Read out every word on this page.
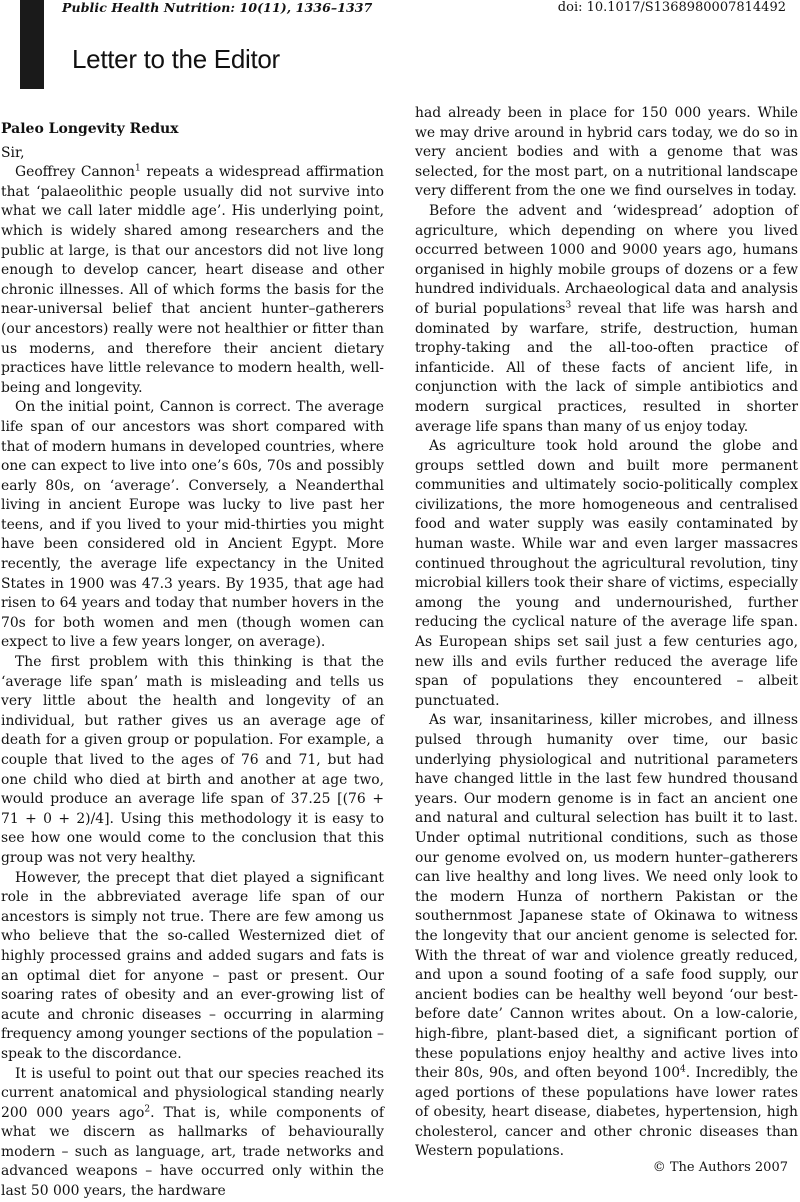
Public Health Nutrition: 10(11), 1336–1337	doi: 10.1017/S1368980007814492
Letter to the Editor

Paleo Longevity Redux

Sir,

Geoffrey Cannon$^1$ repeats a widespread affirmation that ‘palaeolithic people usually did not survive into what we call later middle age’. His underlying point, which is widely shared among researchers and the public at large, is that our ancestors did not live long enough to develop cancer, heart disease and other chronic illnesses. All of which forms the basis for the near-universal belief that ancient hunter–gatherers (our ancestors) really were not healthier or fitter than us moderns, and therefore their ancient dietary practices have little relevance to modern health, well-being and longevity.

On the initial point, Cannon is correct. The average life span of our ancestors was short compared with that of modern humans in developed countries, where one can expect to live into one’s 60s, 70s and possibly early 80s, on ‘average’. Conversely, a Neanderthal living in ancient Europe was lucky to live past her teens, and if you lived to your mid-thirties you might have been considered old in Ancient Egypt. More recently, the average life expectancy in the United States in 1900 was 47.3 years. By 1935, that age had risen to 64 years and today that number hovers in the 70s for both women and men (though women can expect to live a few years longer, on average).

The first problem with this thinking is that the ‘average life span’ math is misleading and tells us very little about the health and longevity of an individual, but rather gives us an average age of death for a given group or population. For example, a couple that lived to the ages of 76 and 71, but had one child who died at birth and another at age two, would produce an average life span of 37.25 [(76 + 71 + 0 + 2)/4]. Using this methodology it is easy to see how one would come to the conclusion that this group was not very healthy.

However, the precept that diet played a significant role in the abbreviated average life span of our ancestors is simply not true. There are few among us who believe that the so-called Westernized diet of highly processed grains and added sugars and fats is an optimal diet for anyone – past or present. Our soaring rates of obesity and an ever-growing list of acute and chronic diseases – occurring in alarming frequency among younger sections of the population – speak to the discordance.

It is useful to point out that our species reached its current anatomical and physiological standing nearly 200 000 years ago$^2$. That is, while components of what we discern as hallmarks of behaviourally modern – such as language, art, trade networks and advanced weapons – have occurred only within the last 50 000 years, the hardware

had already been in place for 150 000 years. While we may drive around in hybrid cars today, we do so in very ancient bodies and with a genome that was selected, for the most part, on a nutritional landscape very different from the one we find ourselves in today.

Before the advent and ‘widespread’ adoption of agriculture, which depending on where you lived occurred between 1000 and 9000 years ago, humans organised in highly mobile groups of dozens or a few hundred individuals. Archaeological data and analysis of burial populations$^3$ reveal that life was harsh and dominated by warfare, strife, destruction, human trophy-taking and the all-too-often practice of infanticide. All of these facts of ancient life, in conjunction with the lack of simple antibiotics and modern surgical practices, resulted in shorter average life spans than many of us enjoy today.

As agriculture took hold around the globe and groups settled down and built more permanent communities and ultimately socio-politically complex civilizations, the more homogeneous and centralised food and water supply was easily contaminated by human waste. While war and even larger massacres continued throughout the agricultural revolution, tiny microbial killers took their share of victims, especially among the young and undernourished, further reducing the cyclical nature of the average life span. As European ships set sail just a few centuries ago, new ills and evils further reduced the average life span of populations they encountered – albeit punctuated.

As war, insanitariness, killer microbes, and illness pulsed through humanity over time, our basic underlying physiological and nutritional parameters have changed little in the last few hundred thousand years. Our modern genome is in fact an ancient one and natural and cultural selection has built it to last. Under optimal nutritional conditions, such as those our genome evolved on, us modern hunter–gatherers can live healthy and long lives. We need only look to the modern Hunza of northern Pakistan or the southernmost Japanese state of Okinawa to witness the longevity that our ancient genome is selected for. With the threat of war and violence greatly reduced, and upon a sound footing of a safe food supply, our ancient bodies can be healthy well beyond ‘our best-before date’ Cannon writes about. On a low-calorie, high-fibre, plant-based diet, a significant portion of these populations enjoy healthy and active lives into their 80s, 90s, and often beyond $100^4$. Incredibly, the aged portions of these populations have lower rates of obesity, heart disease, diabetes, hypertension, high cholesterol, cancer and other chronic diseases than Western populations.

© The Authors 2007
